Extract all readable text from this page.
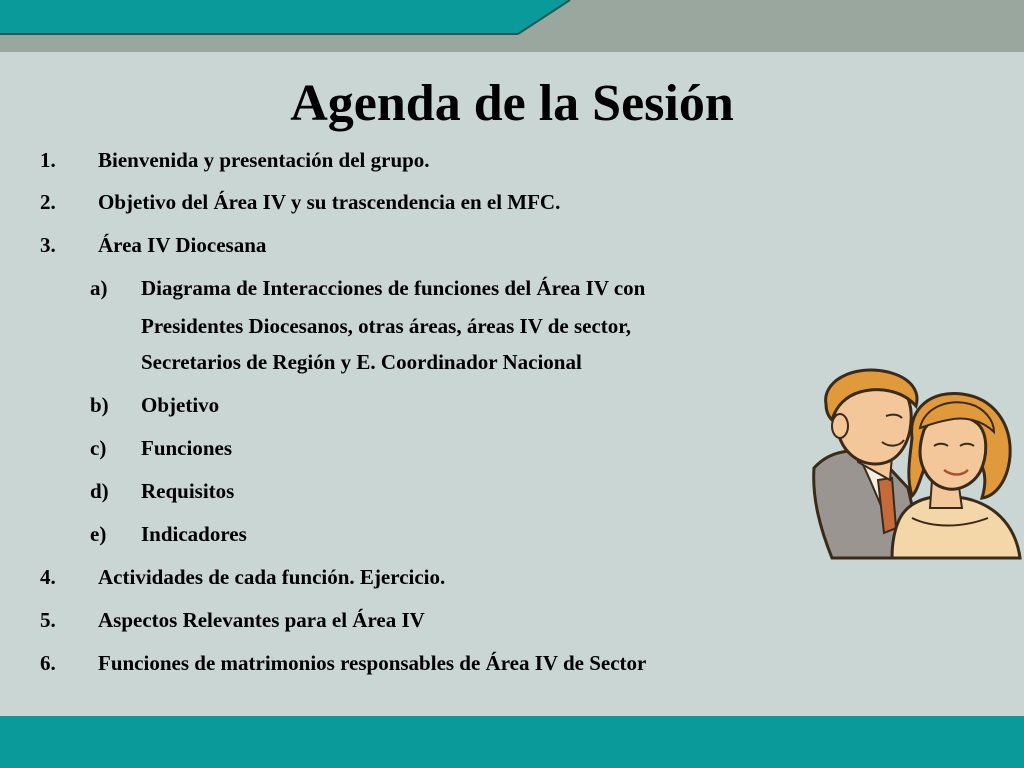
Agenda de la Sesión
1. Bienvenida y presentación del grupo.
2. Objetivo del Área IV y su trascendencia en el MFC.
3. Área IV Diocesana
a) Diagrama de Interacciones de funciones del Área IV con
Presidentes Diocesanos, otras áreas, áreas IV de sector,
Secretarios de Región y E. Coordinador Nacional
b) Objetivo
c) Funciones
d) Requisitos
e) Indicadores
4. Actividades de cada función. Ejercicio.
5. Aspectos Relevantes para el Área IV
6. Funciones de matrimonios responsables de Área IV de Sector
